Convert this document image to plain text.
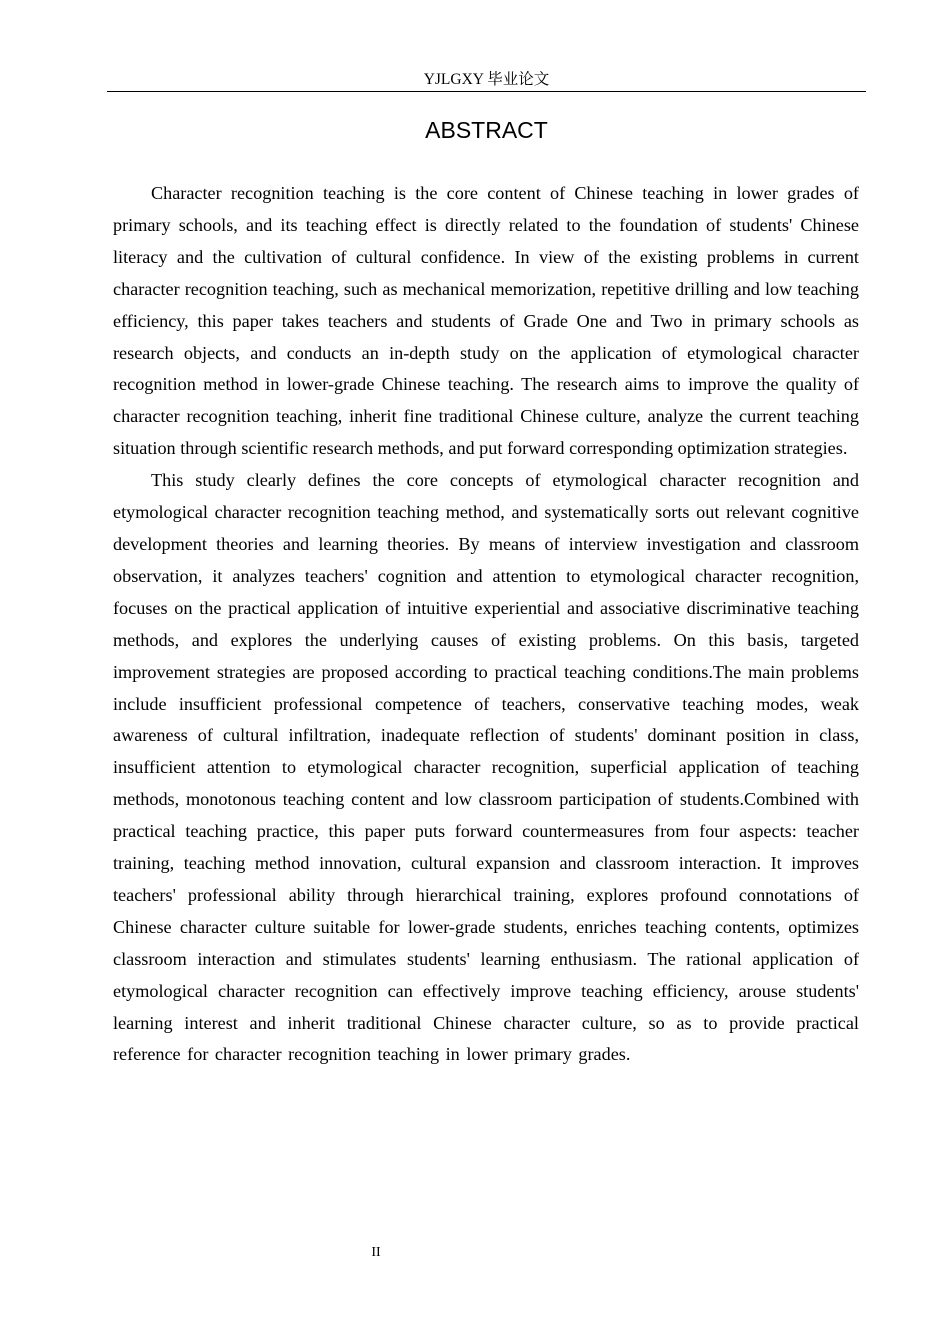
YJLGXY 毕业论文
ABSTRACT

Character recognition teaching is the core content of Chinese teaching in lower grades of primary schools, and its teaching effect is directly related to the foundation of students' Chinese literacy and the cultivation of cultural confidence. In view of the existing problems in current character recognition teaching, such as mechanical memorization, repetitive drilling and low teaching efficiency, this paper takes teachers and students of Grade One and Two in primary schools as research objects, and conducts an in-depth study on the application of etymological character recognition method in lower-grade Chinese teaching. The research aims to improve the quality of character recognition teaching, inherit fine traditional Chinese culture, analyze the current teaching situation through scientific research methods, and put forward corresponding optimization strategies.

This study clearly defines the core concepts of etymological character recognition and etymological character recognition teaching method, and systematically sorts out relevant cognitive development theories and learning theories. By means of interview investigation and classroom observation, it analyzes teachers' cognition and attention to etymological character recognition, focuses on the practical application of intuitive experiential and associative discriminative teaching methods, and explores the underlying causes of existing problems. On this basis, targeted improvement strategies are proposed according to practical teaching conditions.The main problems include insufficient professional competence of teachers, conservative teaching modes, weak awareness of cultural infiltration, inadequate reflection of students' dominant position in class, insufficient attention to etymological character recognition, superficial application of teaching methods, monotonous teaching content and low classroom participation of students.Combined with practical teaching practice, this paper puts forward countermeasures from four aspects: teacher training, teaching method innovation, cultural expansion and classroom interaction. It improves teachers' professional ability through hierarchical training, explores profound connotations of Chinese character culture suitable for lower-grade students, enriches teaching contents, optimizes classroom interaction and stimulates students' learning enthusiasm. The rational application of etymological character recognition can effectively improve teaching efficiency, arouse students' learning interest and inherit traditional Chinese character culture, so as to provide practical reference for character recognition teaching in lower primary grades.

II
